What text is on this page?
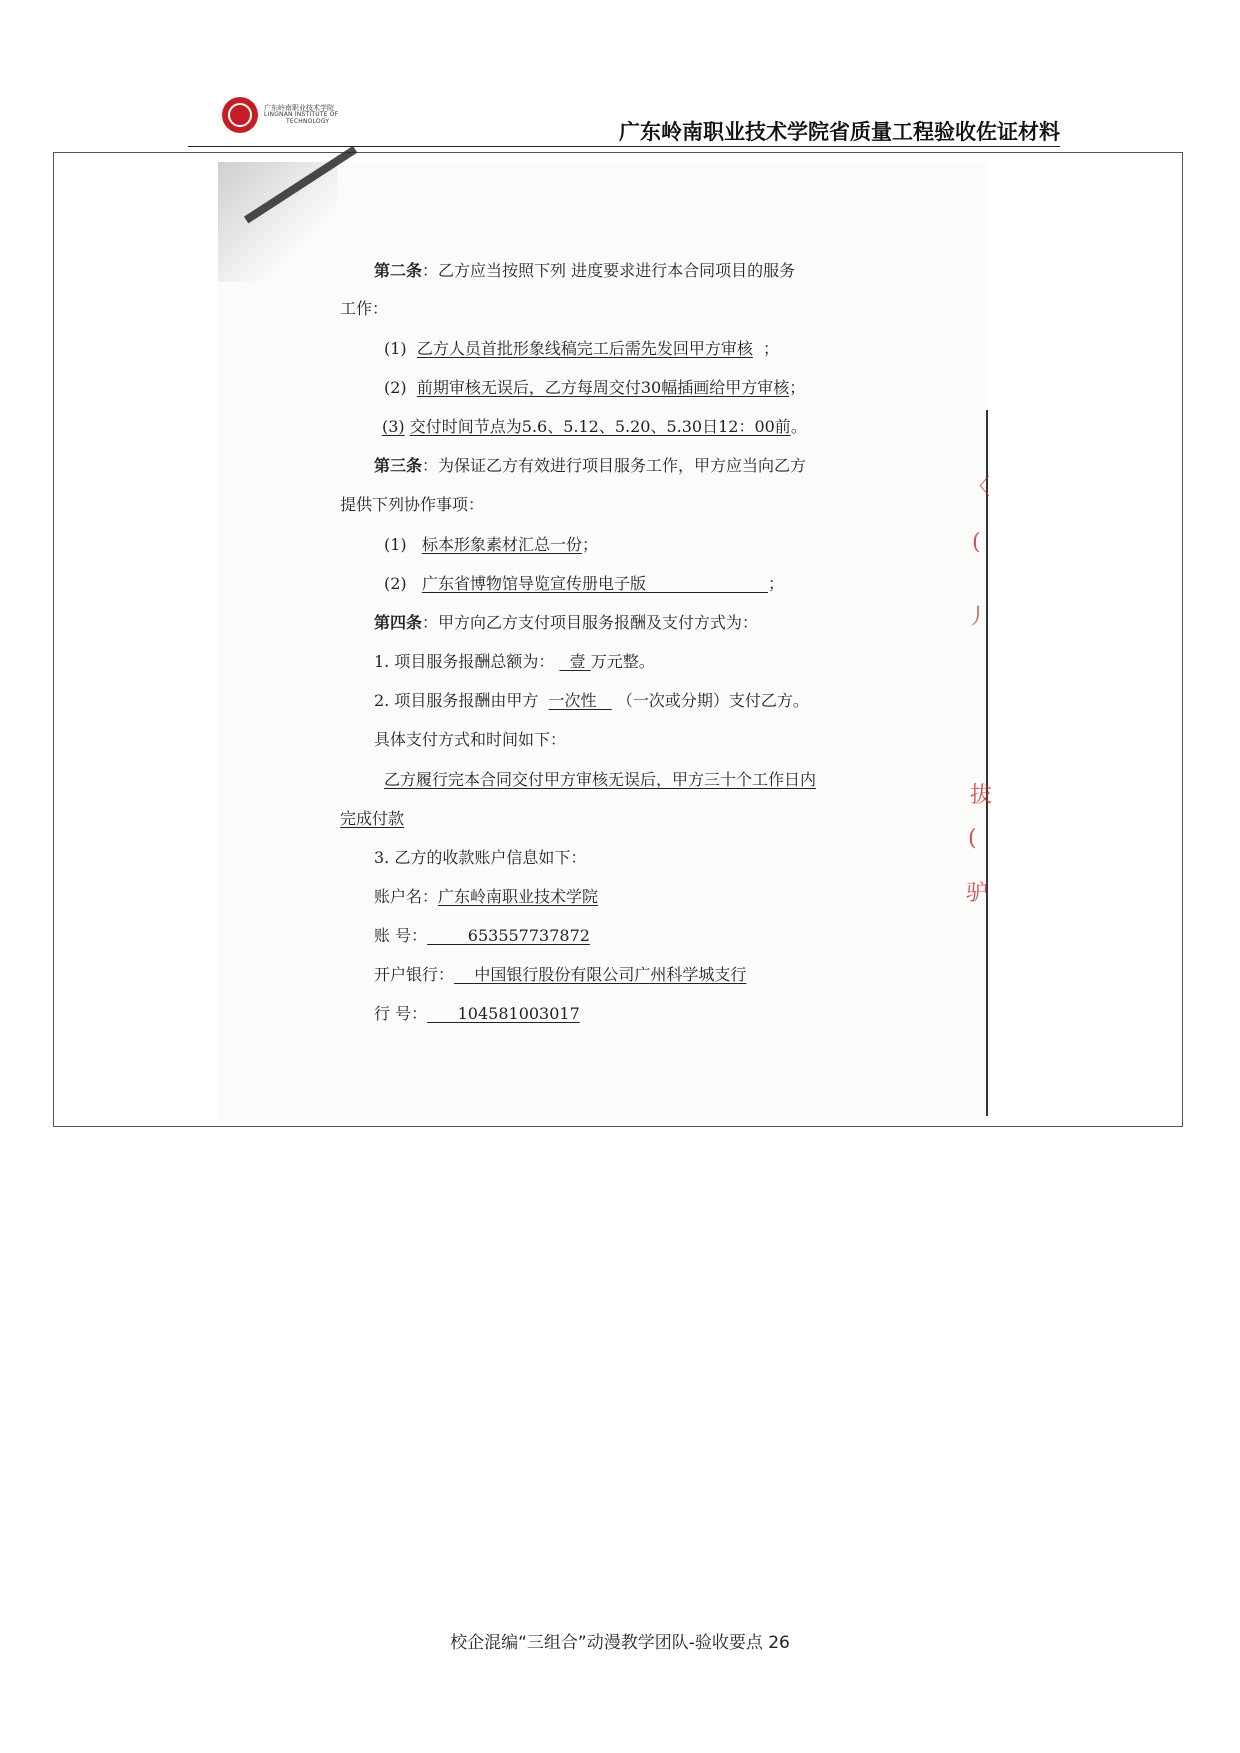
广东岭南职业技术学院
LINGNAN INSTITUTE OF
TECHNOLOGY	广东岭南职业技术学院省质量工程验收佐证材料
〈
(
丿
拔
(
驴
第二条：乙方应当按照下列 进度要求进行本合同项目的服务
工作：
(1) 乙方人员首批形象线稿完工后需先发回甲方审核 ；
(2) 前期审核无误后，乙方每周交付30幅插画给甲方审核；
(3) 交付时间节点为5.6、5.12、5.20、5.30日12：00前。
第三条：为保证乙方有效进行项目服务工作，甲方应当向乙方
提供下列协作事项：
(1) 标本形象素材汇总一份；
(2) 广东省博物馆导览宣传册电子版	；
第四条：甲方向乙方支付项目服务报酬及支付方式为：
1. 项目服务报酬总额为： 壹 万元整。
2. 项目服务报酬由甲方 一次性 （一次或分期）支付乙方。
具体支付方式和时间如下：
乙方履行完本合同交付甲方审核无误后，甲方三十个工作日内
完成付款
3. 乙方的收款账户信息如下：
账户名：广东岭南职业技术学院
账 号：	653557737872
开户银行： 中国银行股份有限公司广州科学城支行
行 号： 104581003017
校企混编“三组合”动漫教学团队-验收要点 26
